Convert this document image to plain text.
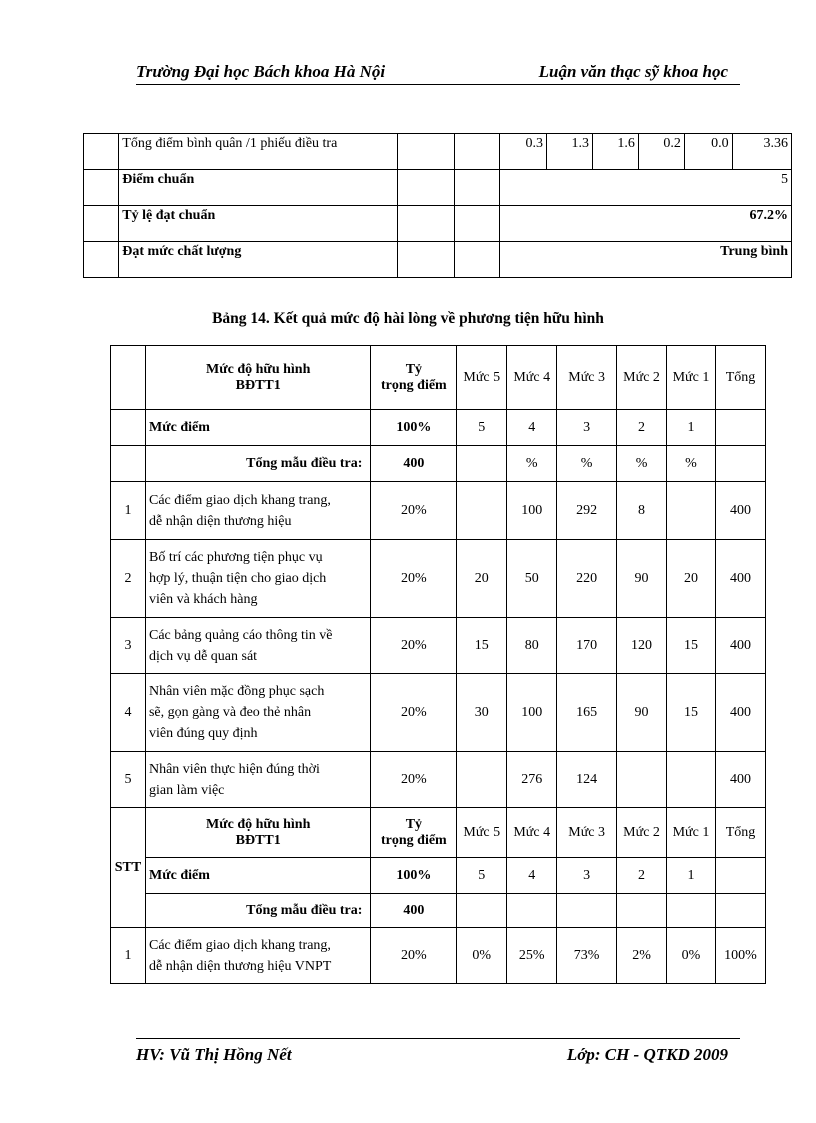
Trường Đại học Bách khoa Hà Nội	Luận văn thạc sỹ khoa học
	Tổng điểm bình quân /1 phiếu điều tra			0.3	1.3	1.6	0.2	0.0	3.36
	Điểm chuẩn			5					
	Tỷ lệ đạt chuẩn			67.2%					
	Đạt mức chất lượng			Trung bình					
Bảng 14. Kết quả mức độ hài lòng về phương tiện hữu hình
	Mức độ hữu hình
BĐTT1	Tỷ
trọng điểm	Mức 5	Mức 4	Mức 3	Mức 2	Mức 1	Tổng
	Mức điểm	100%	5	4	3	2	1	
	Tổng mẫu điều tra:	400		%	%	%	%	
1	Các điểm giao dịch khang trang,
dễ nhận diện thương hiệu	20%		100	292	8		400
2	Bố trí các phương tiện phục vụ
hợp lý, thuận tiện cho giao dịch
viên và khách hàng	20%	20	50	220	90	20	400
3	Các bảng quảng cáo thông tin về
dịch vụ dễ quan sát	20%	15	80	170	120	15	400
4	Nhân viên mặc đồng phục sạch
sẽ, gọn gàng và đeo thẻ nhân
viên đúng quy định	20%	30	100	165	90	15	400
5	Nhân viên thực hiện đúng thời
gian làm việc	20%		276	124			400
STT	Mức độ hữu hình
BĐTT1	Tỷ
trọng điểm	Mức 5	Mức 4	Mức 3	Mức 2	Mức 1	Tổng
	Mức điểm	100%	5	4	3	2	1	
	Tổng mẫu điều tra:	400						
1	Các điểm giao dịch khang trang,
dễ nhận diện thương hiệu VNPT	20%	0%	25%	73%	2%	0%	100%
HV: Vũ Thị Hồng Nết	Lớp: CH - QTKD 2009
